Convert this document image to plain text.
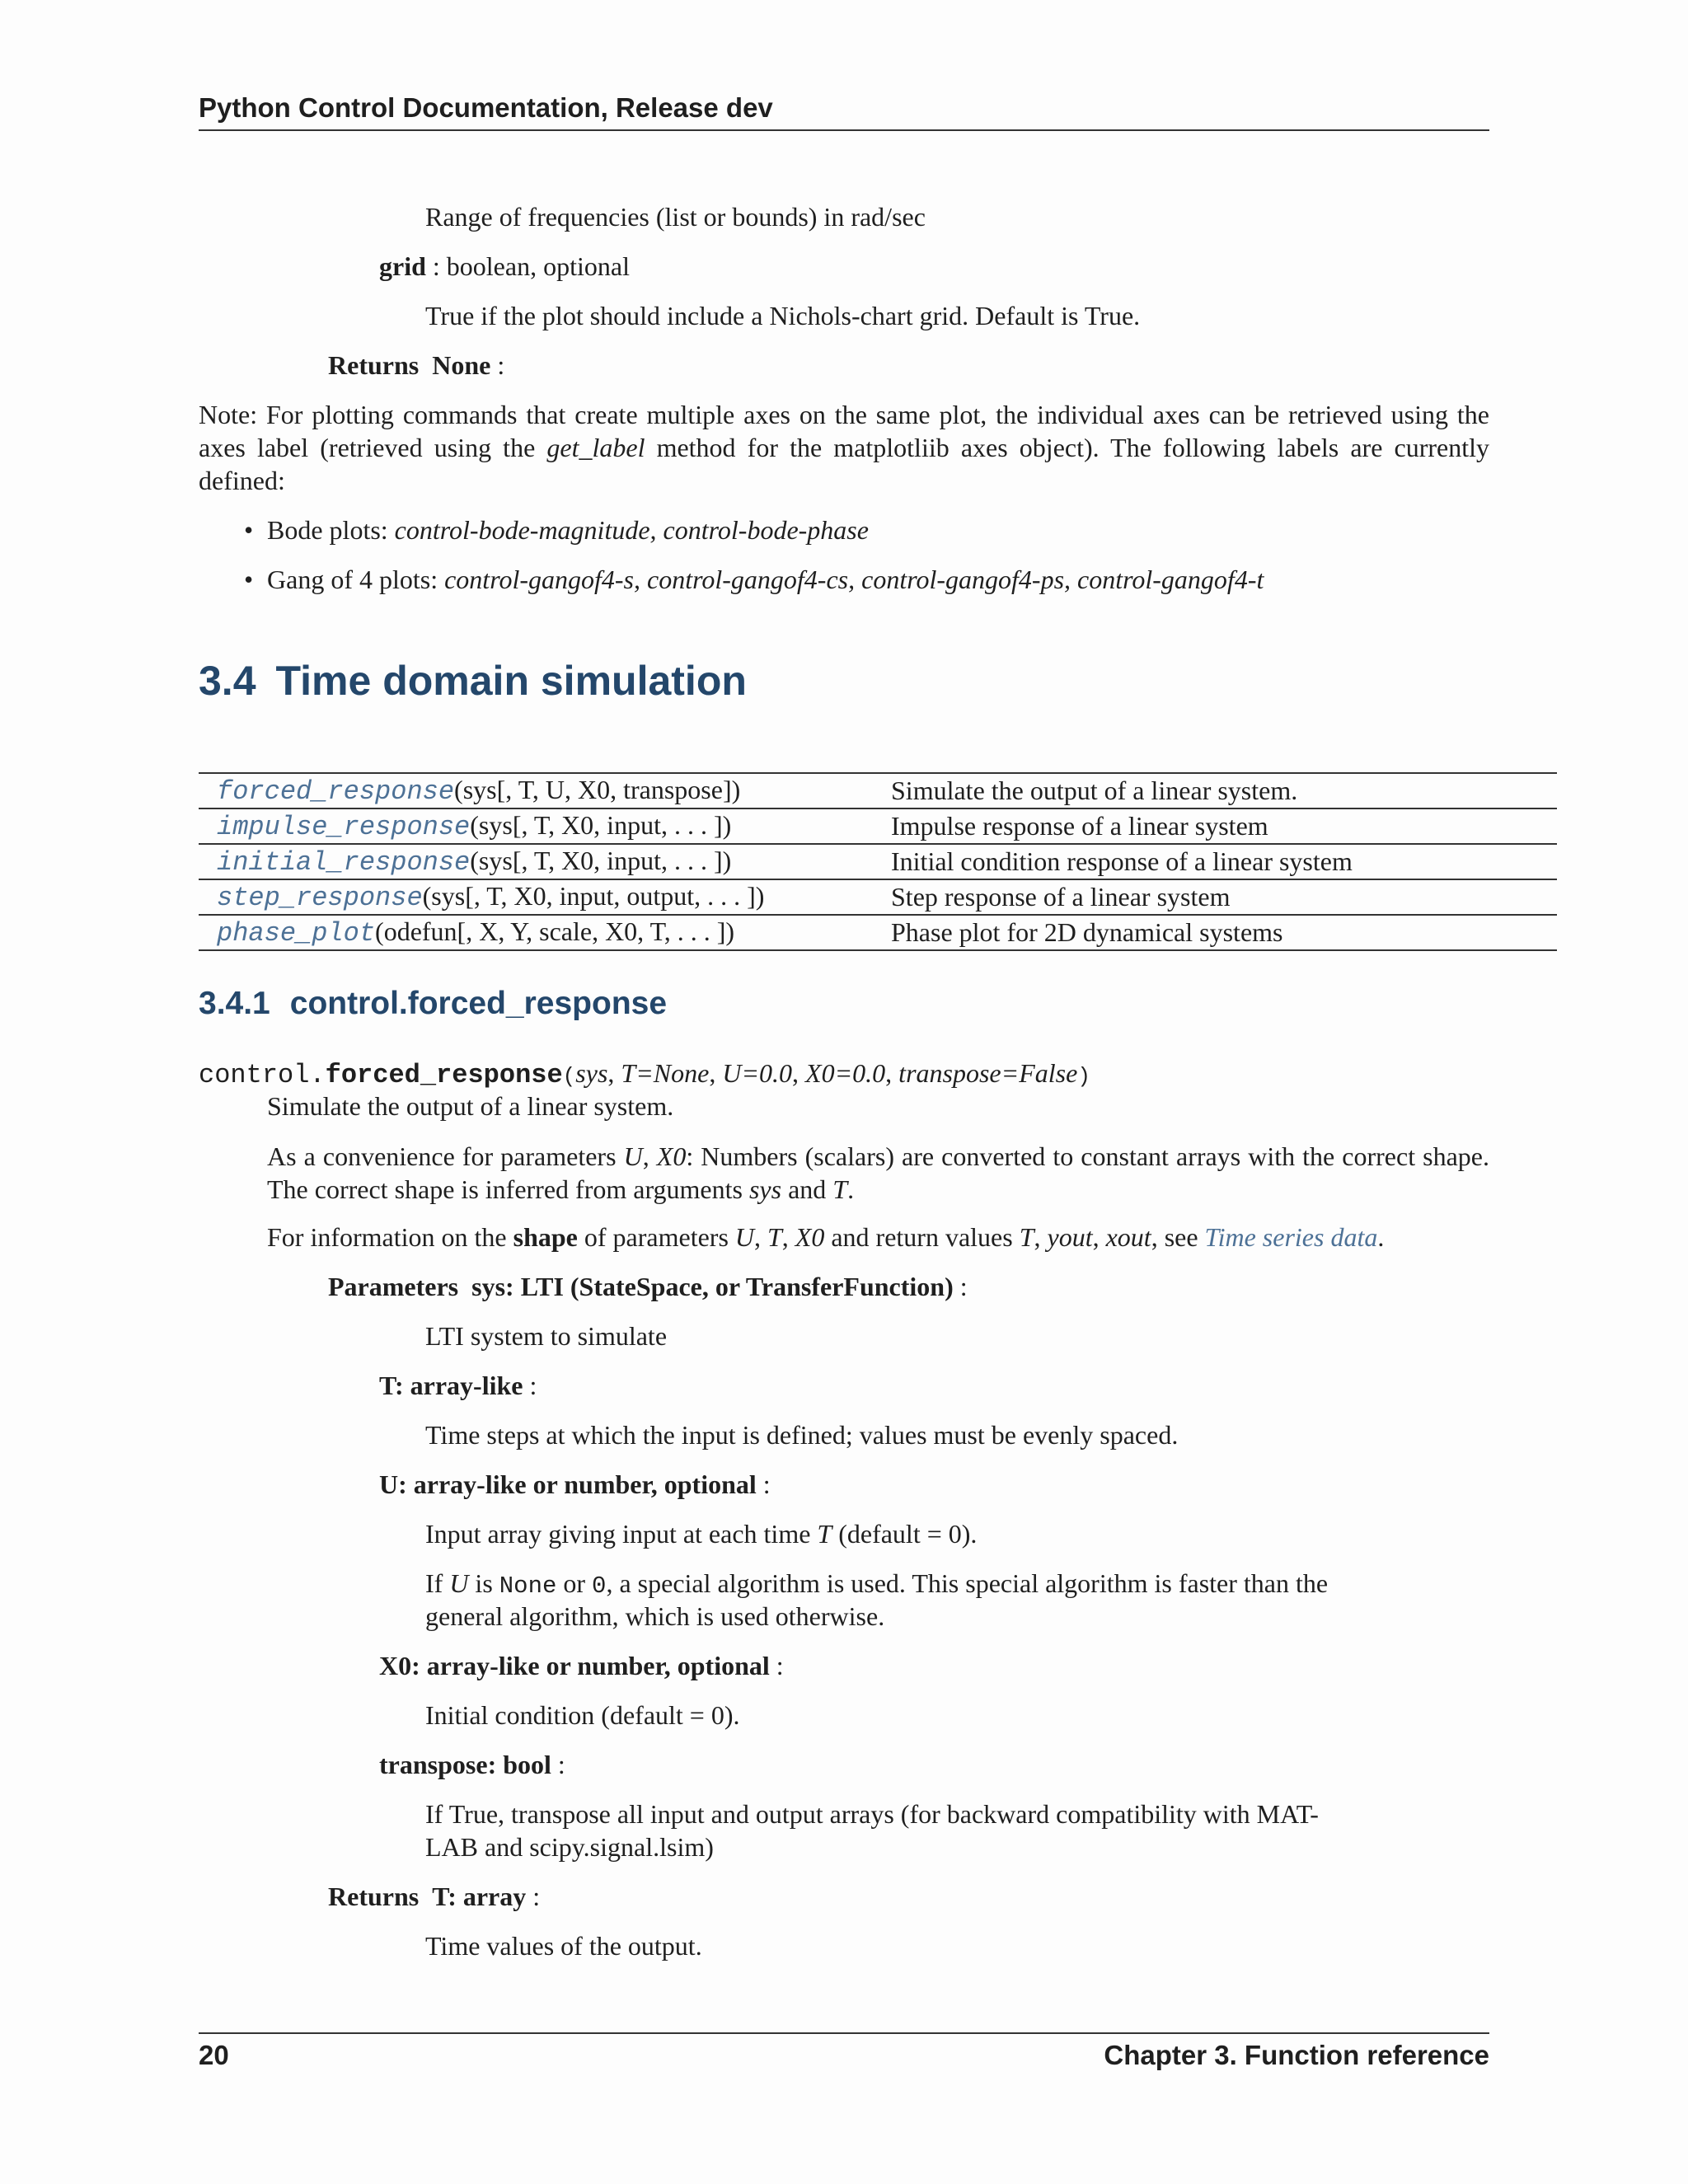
Python Control Documentation, Release dev
Range of frequencies (list or bounds) in rad/sec
grid : boolean, optional
True if the plot should include a Nichols-chart grid. Default is True.
Returns None :
Note: For plotting commands that create multiple axes on the same plot, the individual axes can be retrieved using the axes label (retrieved using the get_label method for the matplotliib axes object). The following labels are currently defined:
• Bode plots: control-bode-magnitude, control-bode-phase
• Gang of 4 plots: control-gangof4-s, control-gangof4-cs, control-gangof4-ps, control-gangof4-t
3.4 Time domain simulation
forced_response(sys[, T, U, X0, transpose])	Simulate the output of a linear system.
impulse_response(sys[, T, X0, input, . . . ])	Impulse response of a linear system
initial_response(sys[, T, X0, input, . . . ])	Initial condition response of a linear system
step_response(sys[, T, X0, input, output, . . . ])	Step response of a linear system
phase_plot(odefun[, X, Y, scale, X0, T, . . . ])	Phase plot for 2D dynamical systems
3.4.1 control.forced_response
control.forced_response(sys, T=None, U=0.0, X0=0.0, transpose=False)
Simulate the output of a linear system.
As a convenience for parameters U, X0: Numbers (scalars) are converted to constant arrays with the correct shape. The correct shape is inferred from arguments sys and T.
For information on the shape of parameters U, T, X0 and return values T, yout, xout, see Time series data.
Parameters sys: LTI (StateSpace, or TransferFunction) :
LTI system to simulate
T: array-like :
Time steps at which the input is defined; values must be evenly spaced.
U: array-like or number, optional :
Input array giving input at each time T (default = 0).
If U is None or 0, a special algorithm is used. This special algorithm is faster than the
general algorithm, which is used otherwise.
X0: array-like or number, optional :
Initial condition (default = 0).
transpose: bool :
If True, transpose all input and output arrays (for backward compatibility with MAT-
LAB and scipy.signal.lsim)
Returns T: array :
Time values of the output.
20	Chapter 3. Function reference
